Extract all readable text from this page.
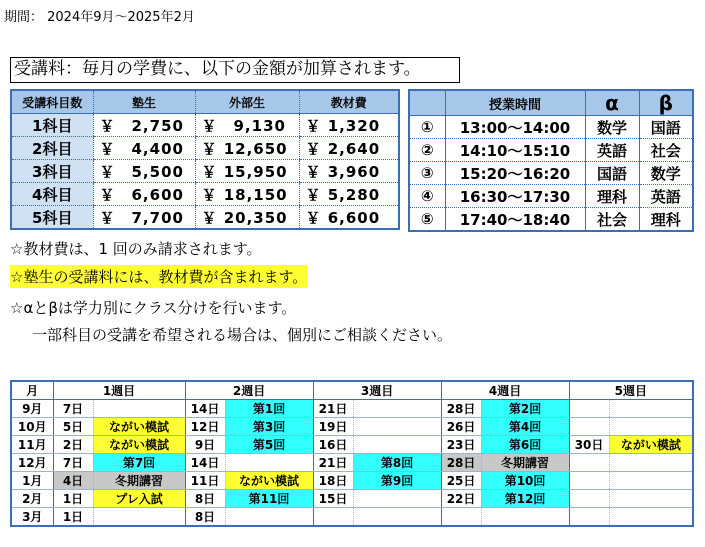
期間： 2024年9月～2025年2月
受講料：毎月の学費に、以下の金額が加算されます。
受講科目数	塾生	外部生	教材費
1科目	￥　2,750	￥　9,130	￥ 1,320
2科目	￥　4,400	￥ 12,650	￥ 2,640
3科目	￥　5,500	￥ 15,950	￥ 3,960
4科目	￥　6,600	￥ 18,150	￥ 5,280
5科目	￥　7,700	￥ 20,350	￥ 6,600
	授業時間	α	β
①	13:00～14:00	数学	国語
②	14:10～15:10	英語	社会
③	15:20～16:20	国語	数学
④	16:30～17:30	理科	英語
⑤	17:40～18:40	社会	理科
☆教材費は、1 回のみ請求されます。
☆塾生の受講料には、教材費が含まれます。
☆αとβは学力別にクラス分けを行います。
一部科目の受講を希望される場合は、個別にご相談ください。
月	1週目		2週目		3週目		4週目		5週目	
9月	7日		14日	第1回	21日		28日	第2回		
10月	5日	ながい模試	12日	第3回	19日		26日	第4回		
11月	2日	ながい模試	9日	第5回	16日		23日	第6回	30日	ながい模試
12月	7日	第7回	14日		21日	第8回	28日	冬期講習		
1月	4日	冬期講習	11日	ながい模試	18日	第9回	25日	第10回		
2月	1日	プレ入試	8日	第11回	15日		22日	第12回		
3月	1日		8日							
